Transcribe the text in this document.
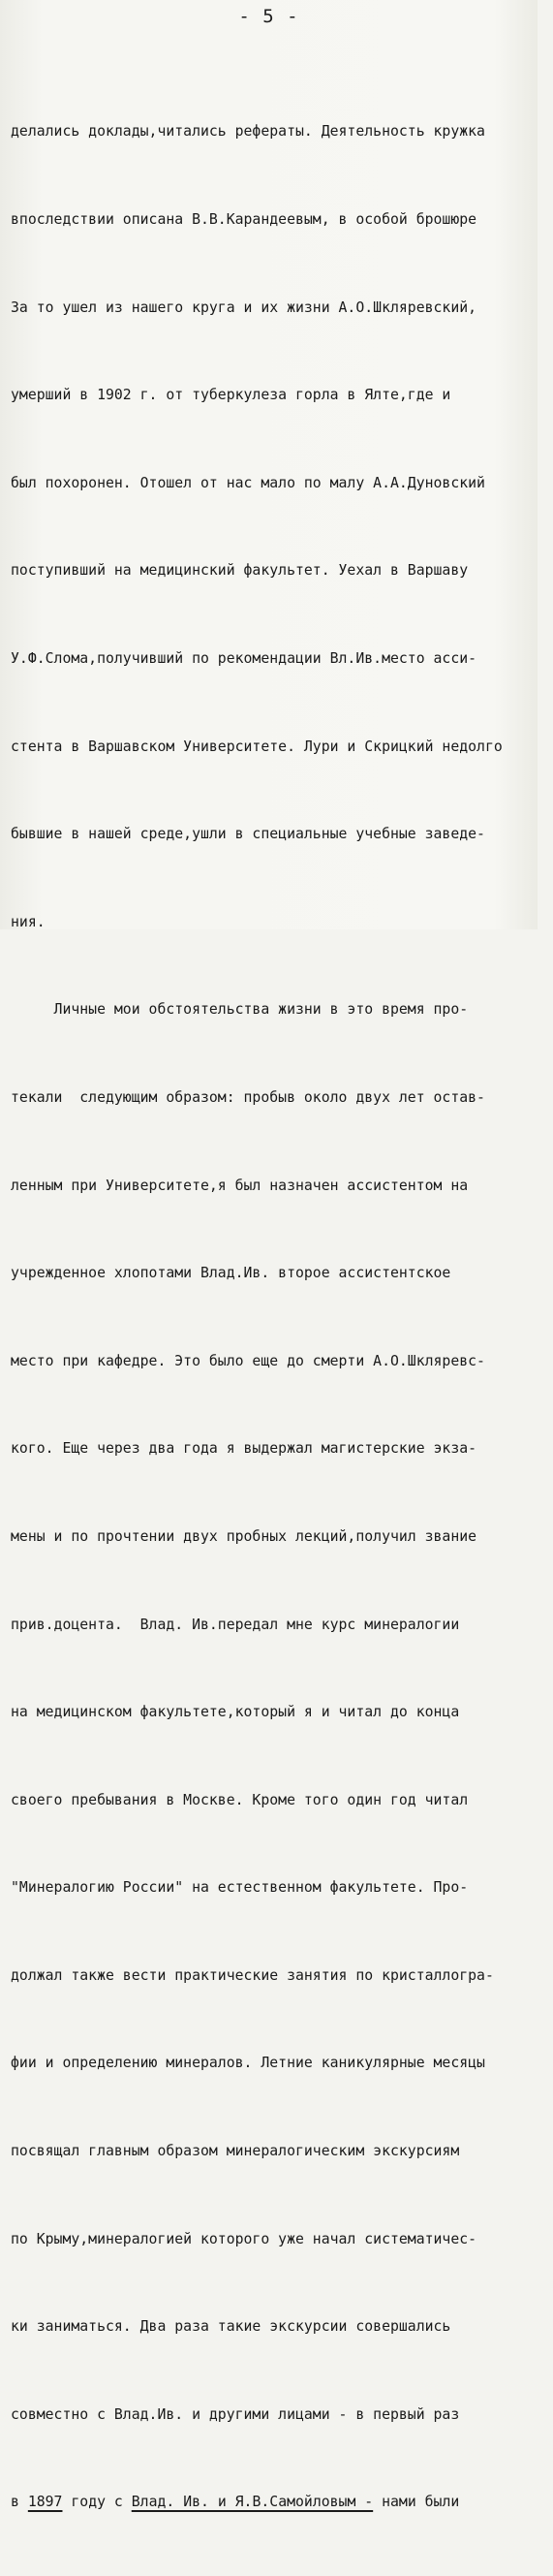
- 5 -

делались доклады,читались рефераты. Деятельность кружка

впоследствии описана В.В.Карандеевым, в особой брошюре

За то ушел из нашего круга и их жизни А.О.Шкляревский,

умерший в 1902 г. от туберкулеза горла в Ялте,где и

был похоронен. Отошел от нас мало по малу А.А.Дуновский

поступивший на медицинский факультет. Уехал в Варшаву

У.Ф.Слома,получивший по рекомендации Вл.Ив.место асси-

стента в Варшавском Университете. Лури и Скрицкий недолго

бывшие в нашей среде,ушли в специальные учебные заведе-

ния.

Личные мои обстоятельства жизни в это время про-

текали  следующим образом: пробыв около двух лет остав-

ленным при Университете,я был назначен ассистентом на

учрежденное хлопотами Влад.Ив. второе ассистентское

место при кафедре. Это было еще до смерти А.О.Шкляревс-

кого. Еще через два года я выдержал магистерские экза-

мены и по прочтении двух пробных лекций,получил звание

прив.доцента.  Влад. Ив.передал мне курс минералогии

на медицинском факультете,который я и читал до конца

своего пребывания в Москве. Кроме того один год читал

"Минералогию России" на естественном факультете. Про-

должал также вести практические занятия по кристаллогра-

фии и определению минералов. Летние каникулярные месяцы

посвящал главным образом минералогическим экскурсиям

по Крыму,минералогией которого уже начал систематичес-

ки заниматься. Два раза такие экскурсии совершались

совместно с Влад.Ив. и другими лицами - в первый раз

в 1897 году с Влад. Ив. и Я.В.Самойловым - нами были
